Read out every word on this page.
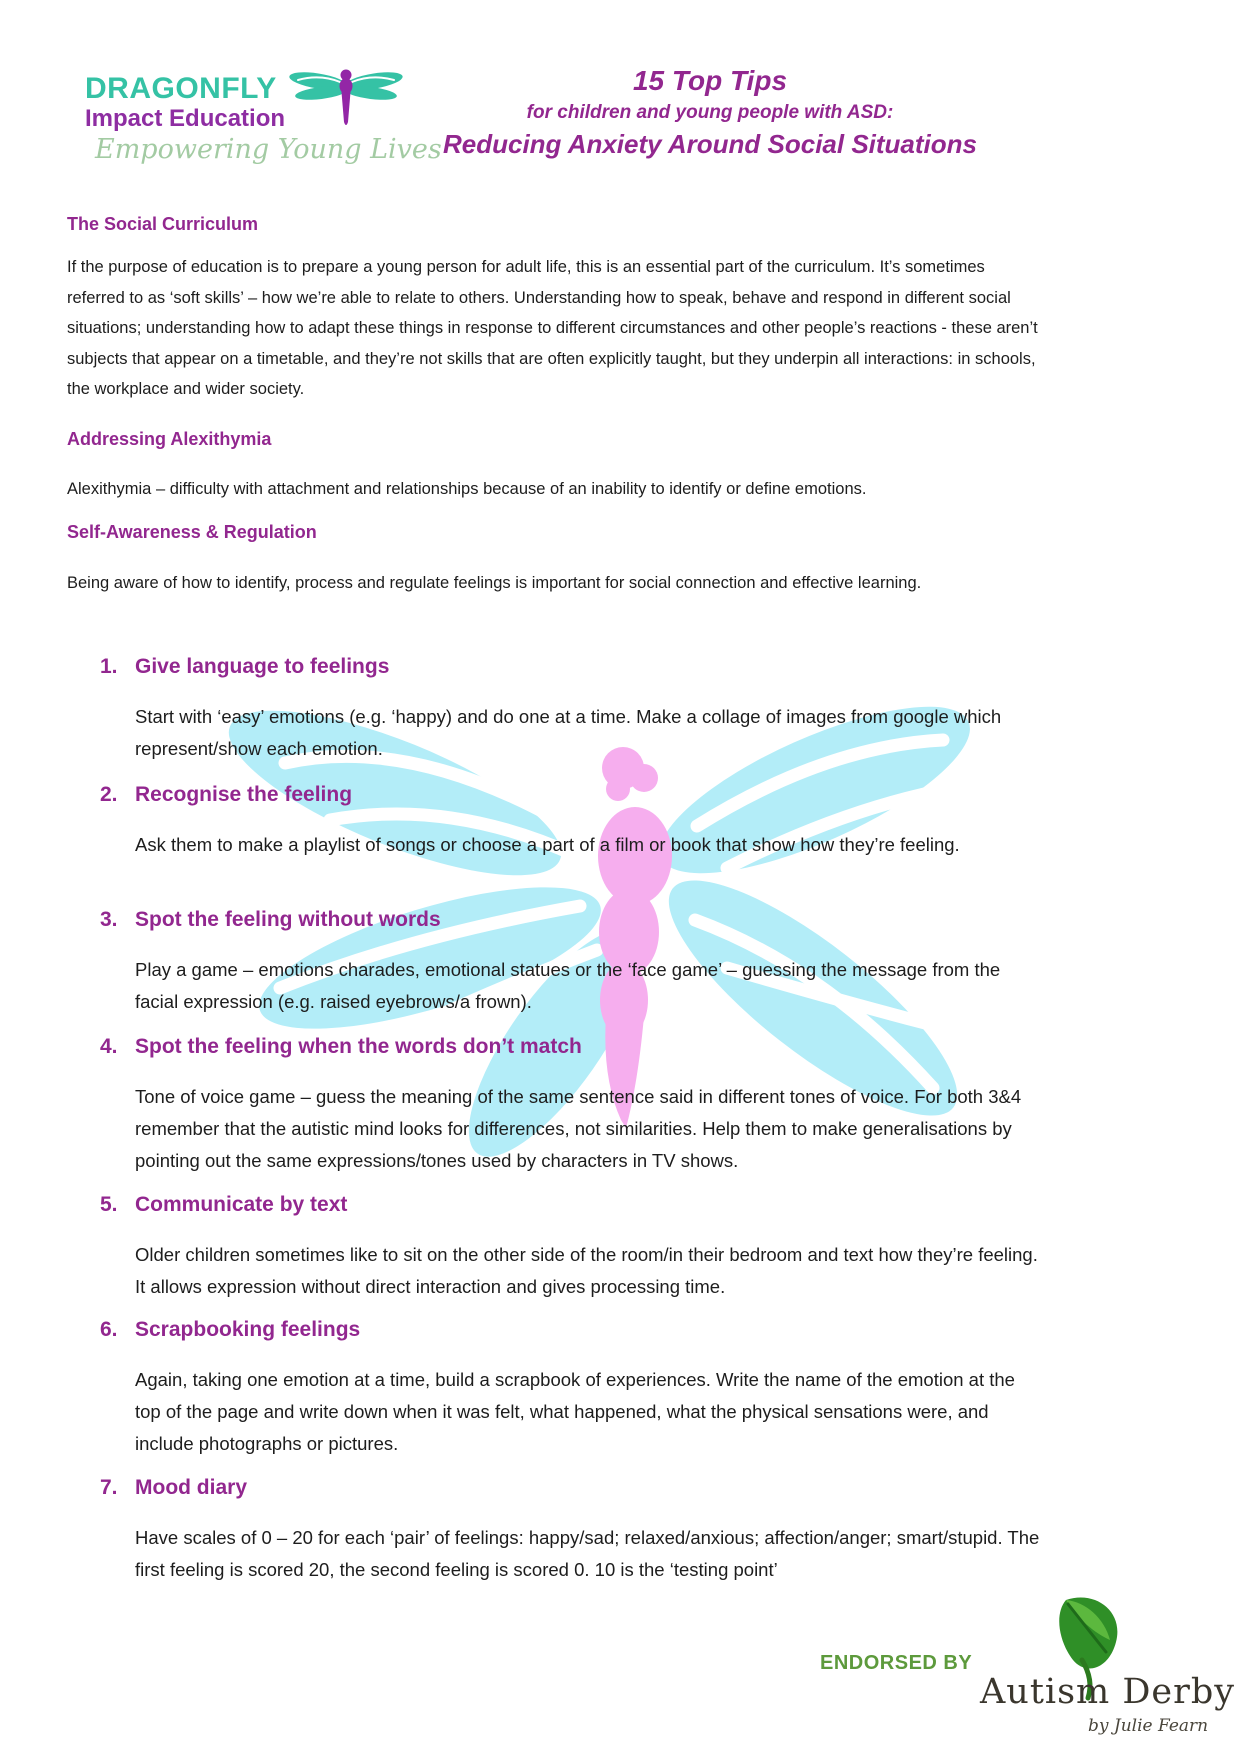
DRAGONFLY
Impact Education
Empowering Young Lives
15 Top Tips
for children and young people with ASD:
Reducing Anxiety Around Social Situations
The Social Curriculum
If the purpose of education is to prepare a young person for adult life, this is an essential part of the curriculum. It’s sometimes referred to as ‘soft skills’ – how we’re able to relate to others. Understanding how to speak, behave and respond in different social situations; understanding how to adapt these things in response to different circumstances and other people’s reactions - these aren’t subjects that appear on a timetable, and they’re not skills that are often explicitly taught, but they underpin all interactions: in schools, the workplace and wider society.
Addressing Alexithymia
Alexithymia – difficulty with attachment and relationships because of an inability to identify or define emotions.
Self-Awareness & Regulation
Being aware of how to identify, process and regulate feelings is important for social connection and effective learning.
1. Give language to feelings
Start with ‘easy’ emotions (e.g. ‘happy) and do one at a time. Make a collage of images from google which represent/show each emotion.
2. Recognise the feeling
Ask them to make a playlist of songs or choose a part of a film or book that show how they’re feeling.
3. Spot the feeling without words
Play a game – emotions charades, emotional statues or the ‘face game’ – guessing the message from the facial expression (e.g. raised eyebrows/a frown).
4. Spot the feeling when the words don’t match
Tone of voice game – guess the meaning of the same sentence said in different tones of voice. For both 3&4 remember that the autistic mind looks for differences, not similarities. Help them to make generalisations by pointing out the same expressions/tones used by characters in TV shows.
5. Communicate by text
Older children sometimes like to sit on the other side of the room/in their bedroom and text how they’re feeling. It allows expression without direct interaction and gives processing time.
6. Scrapbooking feelings
Again, taking one emotion at a time, build a scrapbook of experiences. Write the name of the emotion at the top of the page and write down when it was felt, what happened, what the physical sensations were, and include photographs or pictures.
7. Mood diary
Have scales of 0 – 20 for each ‘pair’ of feelings: happy/sad; relaxed/anxious; affection/anger; smart/stupid. The first feeling is scored 20, the second feeling is scored 0. 10 is the ‘testing point’
ENDORSED BY
Autism Derby
by Julie Fearn
